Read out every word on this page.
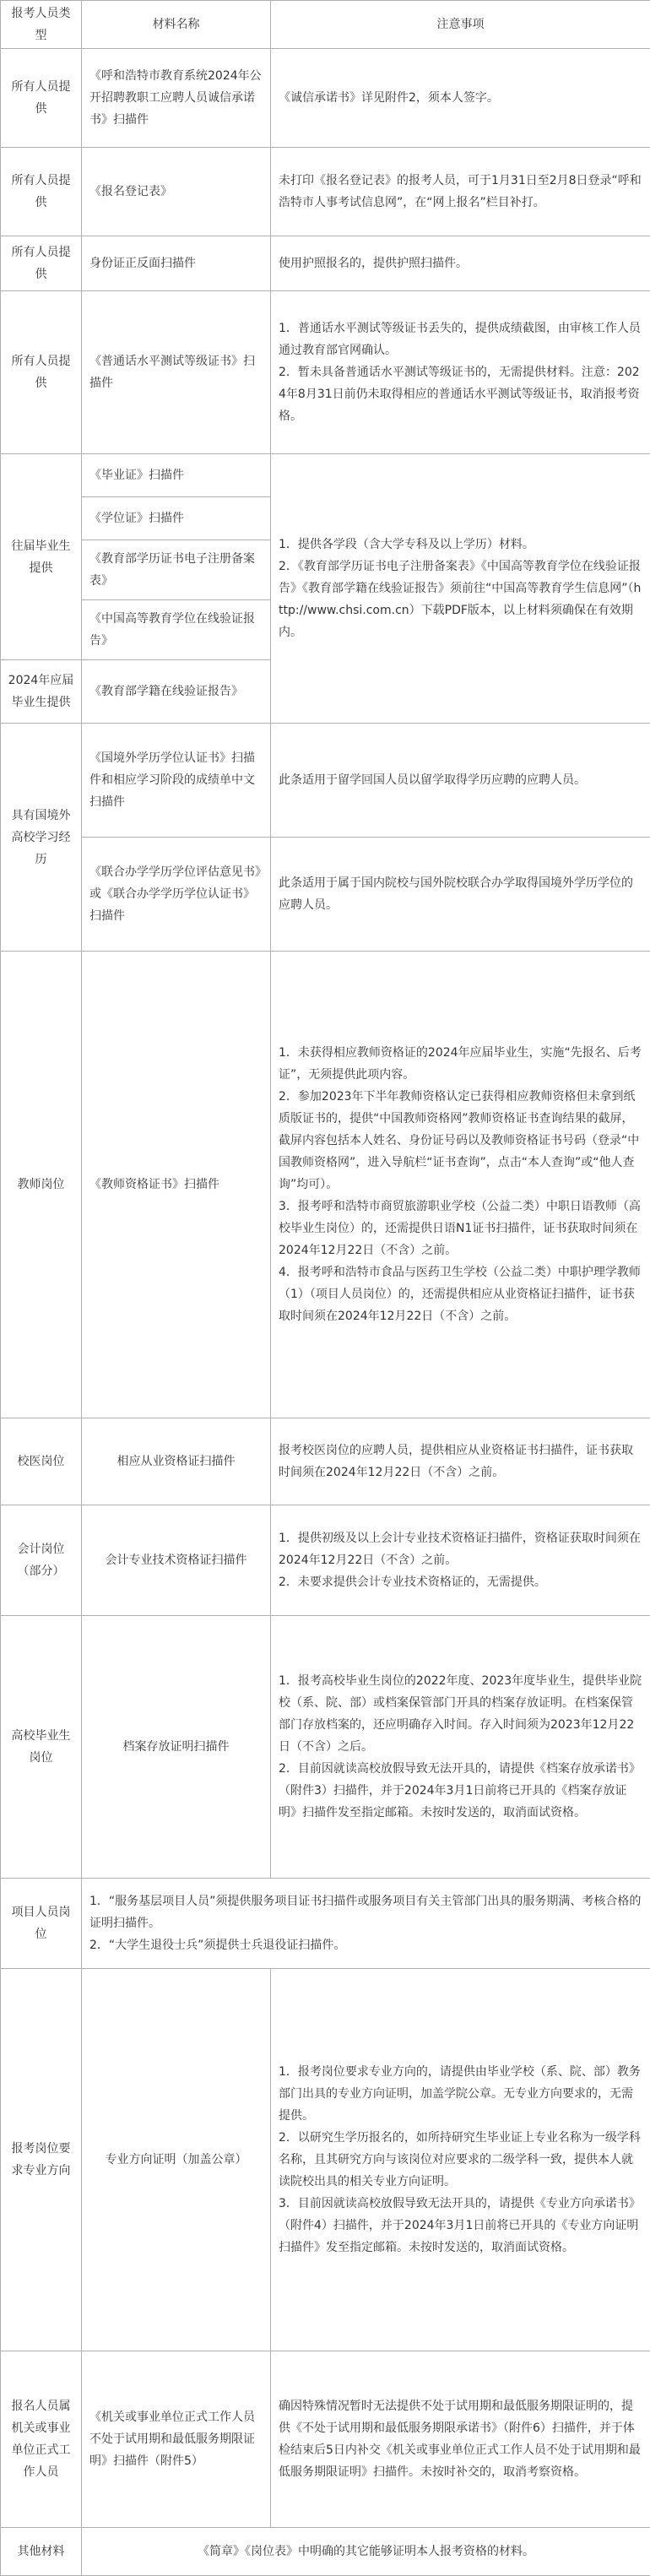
报考人员类型	材料名称	注意事项
所有人员提供	《呼和浩特市教育系统2024年公开招聘教职工应聘人员诚信承诺书》扫描件	《诚信承诺书》详见附件2，须本人签字。

所有人员提供	《报名登记表》	未打印《报名登记表》的报考人员，可于1月31日至2月8日登录“呼和浩特市人事考试信息网”，在“网上报名”栏目补打。

所有人员提供	身份证正反面扫描件	使用护照报名的，提供护照扫描件。

所有人员提供	《普通话水平测试等级证书》扫描件	1．普通话水平测试等级证书丢失的，提供成绩截图，由审核工作人员通过教育部官网确认。

2．暂未具备普通话水平测试等级证书的，无需提供材料。注意：2024年8月31日前仍未取得相应的普通话水平测试等级证书，取消报考资格。

往届毕业生提供	《毕业证》扫描件	1．提供各学段（含大学专科及以上学历）材料。

2．《教育部学历证书电子注册备案表》《中国高等教育学位在线验证报告》《教育部学籍在线验证报告》须前往“中国高等教育学生信息网”（http://www.chsi.com.cn）下载PDF版本，以上材料须确保在有效期内。

	《学位证》扫描件	
	《教育部学历证书电子注册备案表》	
	《中国高等教育学位在线验证报告》	
2024年应届毕业生提供	《教育部学籍在线验证报告》	
具有国境外高校学习经历	《国境外学历学位认证书》扫描件和相应学习阶段的成绩单中文扫描件	此条适用于留学回国人员以留学取得学历应聘的应聘人员。

	《联合办学学历学位评估意见书》或《联合办学学历学位认证书》扫描件	此条适用于属于国内院校与国外院校联合办学取得国境外学历学位的应聘人员。

教师岗位	《教师资格证书》扫描件	1．未获得相应教师资格证的2024年应届毕业生，实施“先报名、后考证”，无须提供此项内容。

2．参加2023年下半年教师资格认定已获得相应教师资格但未拿到纸质版证书的，提供“中国教师资格网”教师资格证书查询结果的截屏，截屏内容包括本人姓名、身份证号码以及教师资格证书号码（登录“中国教师资格网”，进入导航栏“证书查询”，点击“本人查询”或“他人查询”均可）。

3．报考呼和浩特市商贸旅游职业学校（公益二类）中职日语教师（高校毕业生岗位）的，还需提供日语N1证书扫描件，证书获取时间须在2024年12月22日（不含）之前。

4．报考呼和浩特市食品与医药卫生学校（公益二类）中职护理学教师（1）（项目人员岗位）的，还需提供相应从业资格证扫描件，证书获取时间须在2024年12月22日（不含）之前。

校医岗位	相应从业资格证扫描件	报考校医岗位的应聘人员，提供相应从业资格证书扫描件，证书获取时间须在2024年12月22日（不含）之前。

会计岗位（部分）	会计专业技术资格证扫描件	1．提供初级及以上会计专业技术资格证扫描件，资格证获取时间须在2024年12月22日（不含）之前。

2．未要求提供会计专业技术资格证的，无需提供。

高校毕业生岗位	档案存放证明扫描件	1．报考高校毕业生岗位的2022年度、2023年度毕业生，提供毕业院校（系、院、部）或档案保管部门开具的档案存放证明。在档案保管部门存放档案的，还应明确存入时间。存入时间须为2023年12月22日（不含）之后。

2．目前因就读高校放假导致无法开具的，请提供《档案存放承诺书》（附件3）扫描件，并于2024年3月1日前将已开具的《档案存放证明》扫描件发至指定邮箱。未按时发送的，取消面试资格。

项目人员岗位	1．“服务基层项目人员”须提供服务项目证书扫描件或服务项目有关主管部门出具的服务期满、考核合格的证明扫描件。

2．“大学生退役士兵”须提供士兵退役证扫描件。	

报考岗位要求专业方向	专业方向证明（加盖公章）	1．报考岗位要求专业方向的，请提供由毕业学校（系、院、部）教务部门出具的专业方向证明，加盖学院公章。无专业方向要求的，无需提供。

2．以研究生学历报名的，如所持研究生毕业证上专业名称为一级学科名称，且其研究方向与该岗位对应要求的二级学科一致，提供本人就读院校出具的相关专业方向证明。

3．目前因就读高校放假导致无法开具的，请提供《专业方向承诺书》（附件4）扫描件，并于2024年3月1日前将已开具的《专业方向证明扫描件》发至指定邮箱。未按时发送的，取消面试资格。

报名人员属机关或事业单位正式工作人员	《机关或事业单位正式工作人员不处于试用期和最低服务期限证明》扫描件（附件5）	确因特殊情况暂时无法提供不处于试用期和最低服务期限证明的，提供《不处于试用期和最低服务期限承诺书》（附件6）扫描件，并于体检结束后5日内补交《机关或事业单位正式工作人员不处于试用期和最低服务期限证明》扫描件。未按时补交的，取消考察资格。

其他材料	《简章》《岗位表》中明确的其它能够证明本人报考资格的材料。	
